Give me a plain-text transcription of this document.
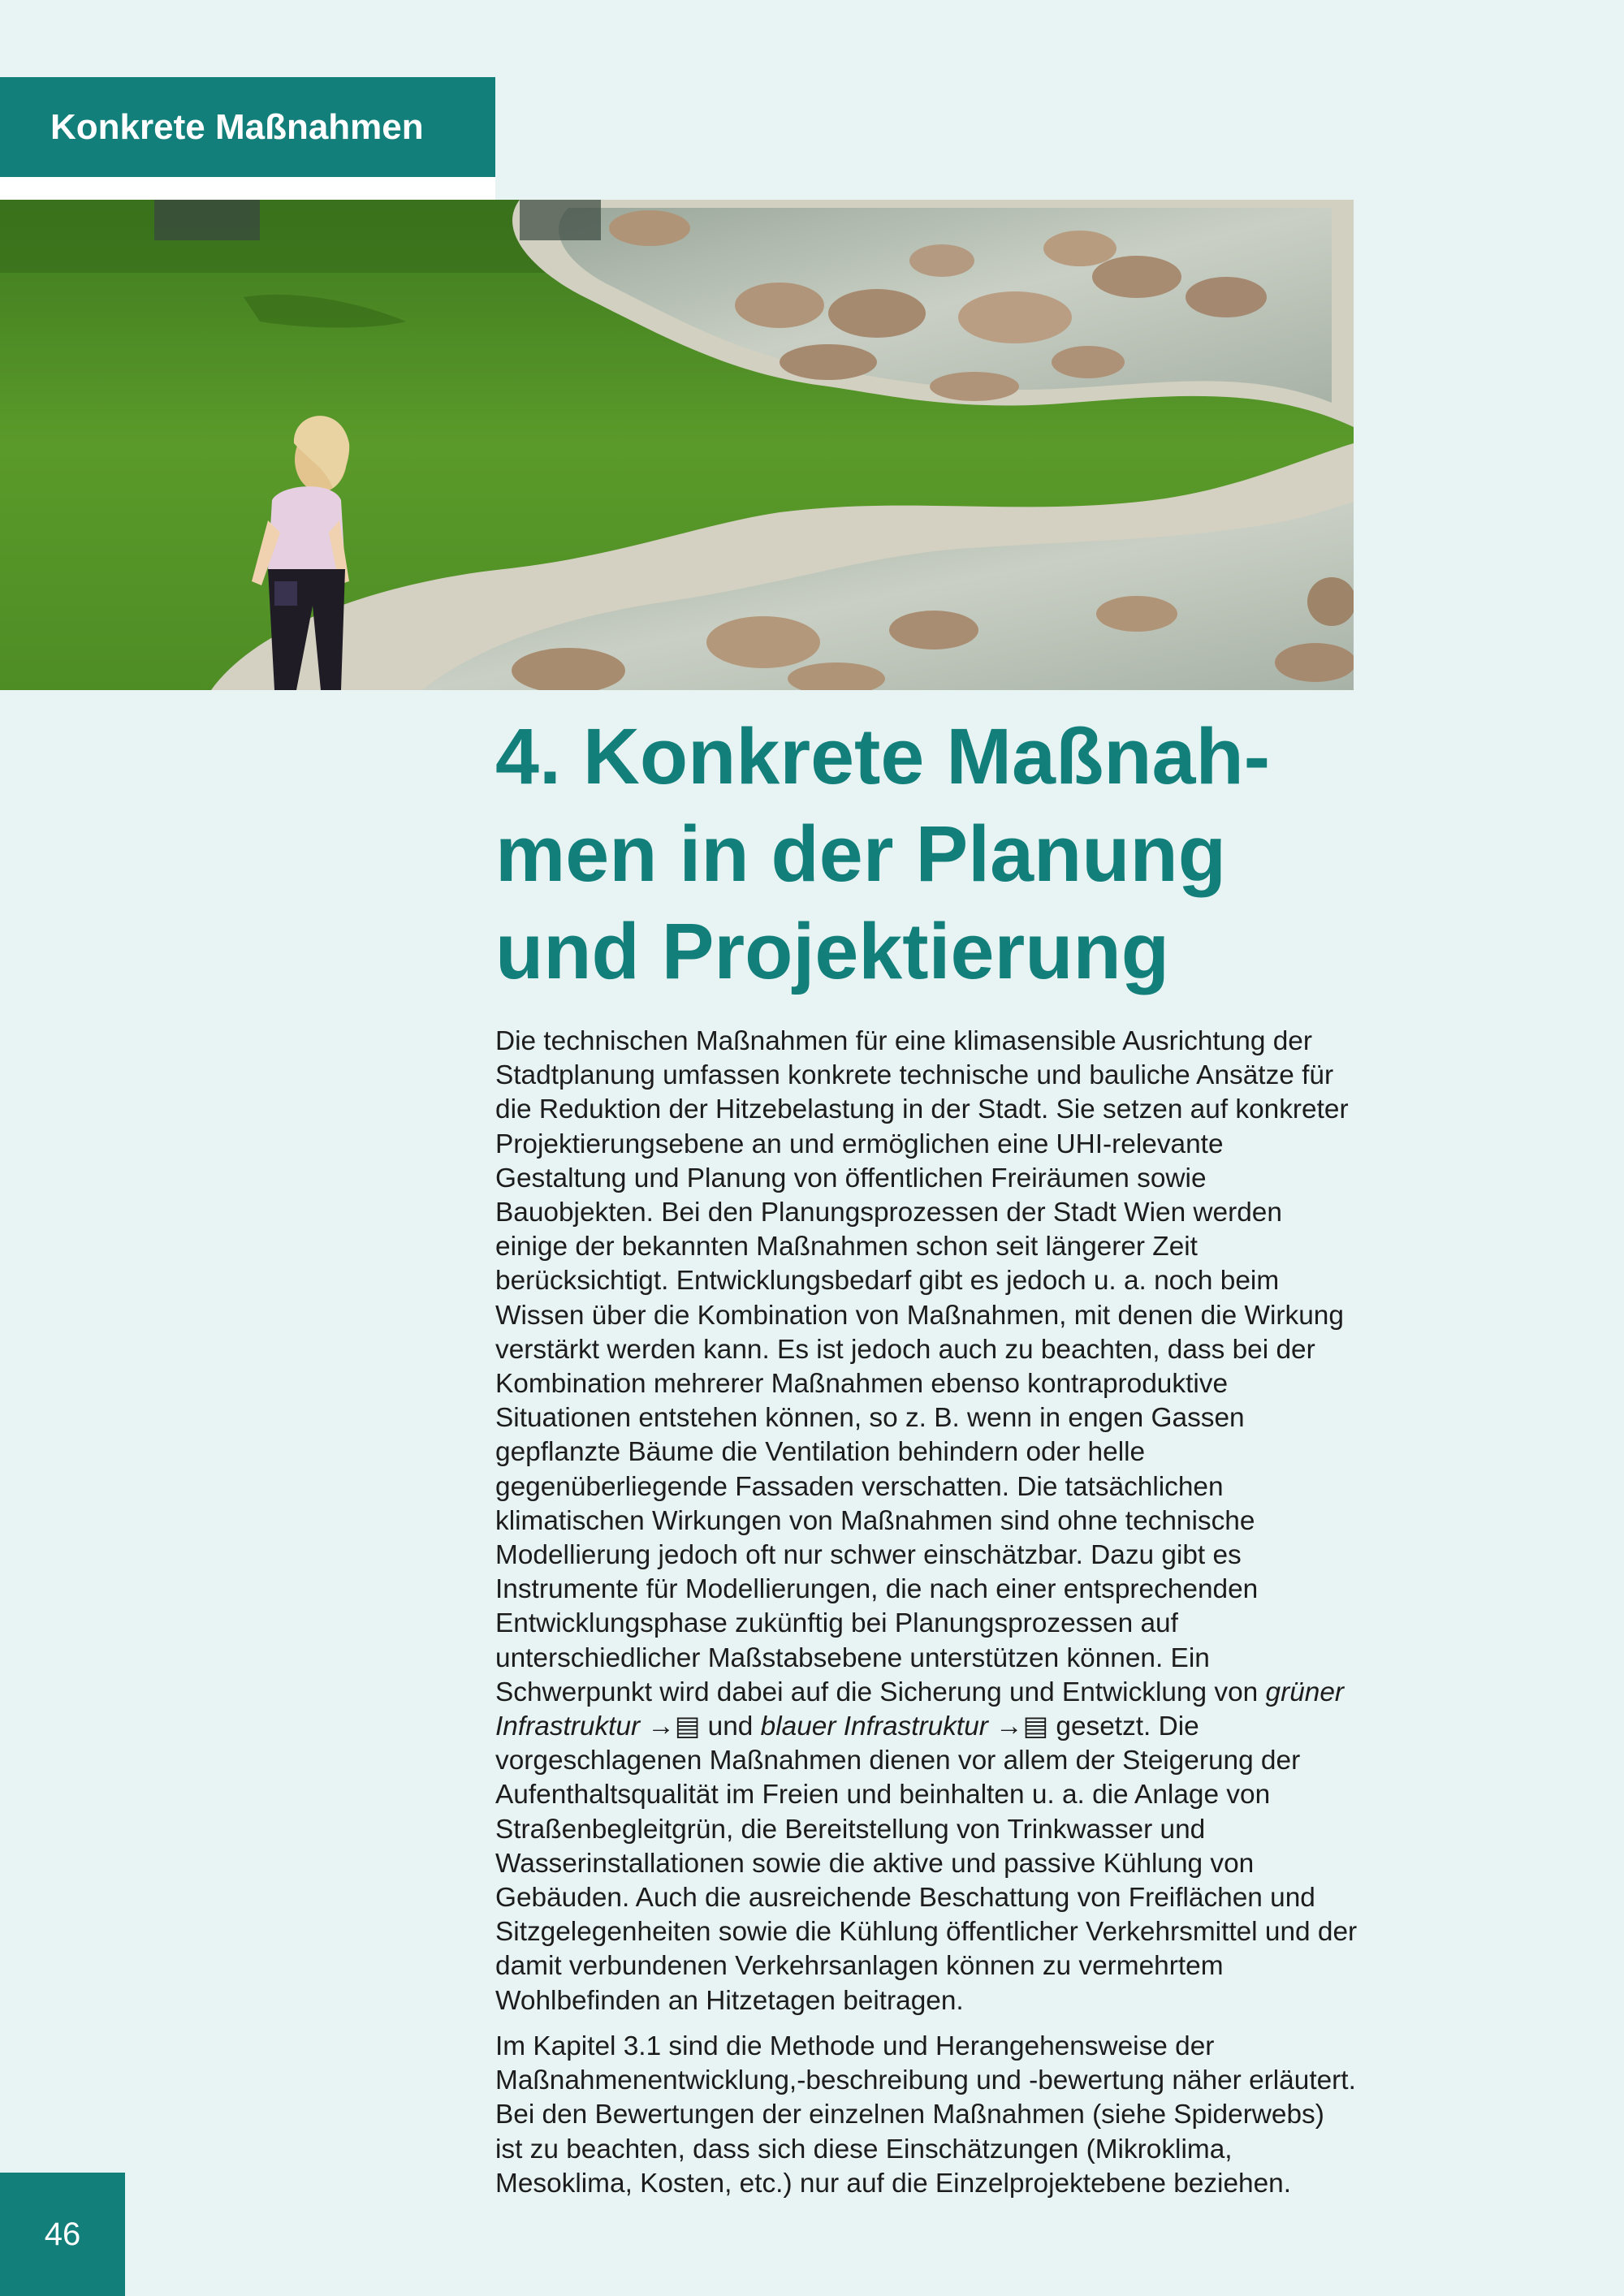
Konkrete Maßnahmen
4. Konkrete Maßnah-
men in der Planung
und Projektierung

Die technischen Maßnahmen für eine klimasensible Ausrichtung der Stadtplanung umfassen konkrete technische und bauliche Ansätze für die Reduktion der Hitzebelastung in der Stadt. Sie setzen auf konkreter Projektierungsebene an und ermöglichen eine UHI-relevante Gestaltung und Planung von öffentlichen Freiräumen sowie Bauobjekten. Bei den Planungsprozessen der Stadt Wien werden einige der bekannten Maßnahmen schon seit längerer Zeit berücksichtigt. Entwicklungsbedarf gibt es jedoch u. a. noch beim Wissen über die Kombination von Maßnahmen, mit denen die Wirkung verstärkt werden kann. Es ist jedoch auch zu beachten, dass bei der Kombination mehrerer Maßnahmen ebenso kontraproduktive Situationen entstehen können, so z. B. wenn in engen Gassen gepflanzte Bäume die Ventilation behindern oder helle gegenüberliegende Fassaden verschatten. Die tatsächlichen klimatischen Wirkungen von Maßnahmen sind ohne technische Modellierung jedoch oft nur schwer einschätzbar. Dazu gibt es Instrumente für Modellierungen, die nach einer entsprechenden Entwicklungsphase zukünftig bei Planungsprozessen auf unterschiedlicher Maßstabsebene unterstützen können. Ein Schwerpunkt wird dabei auf die Sicherung und Entwicklung von grüner Infrastruktur →▤ und blauer Infrastruktur →▤ gesetzt. Die vorgeschlagenen Maßnahmen dienen vor allem der Steigerung der Aufenthaltsqualität im Freien und beinhalten u. a. die Anlage von Straßenbegleitgrün, die Bereitstellung von Trinkwasser und Wasserinstallationen sowie die aktive und passive Kühlung von Gebäuden. Auch die ausreichende Beschattung von Freiflächen und Sitzgelegenheiten sowie die Kühlung öffentlicher Verkehrsmittel und der damit verbundenen Verkehrsanlagen können zu vermehrtem Wohlbefinden an Hitzetagen beitragen.

Im Kapitel 3.1 sind die Methode und Herangehensweise der Maßnahmenentwicklung,-beschreibung und -bewertung näher erläutert. Bei den Bewertungen der einzelnen Maßnahmen (siehe Spiderwebs) ist zu beachten, dass sich diese Einschätzungen (Mikroklima, Mesoklima, Kosten, etc.) nur auf die Einzelprojektebene beziehen.

46
